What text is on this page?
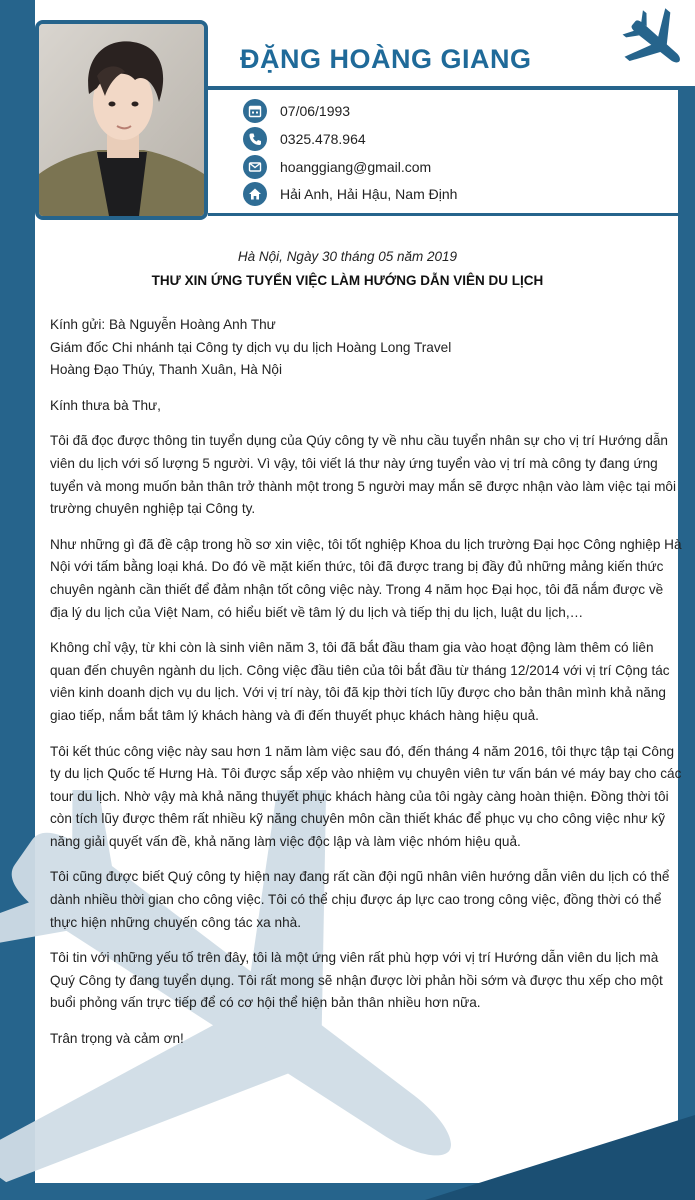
ĐẶNG HOÀNG GIANG
07/06/1993
0325.478.964
hoanggiang@gmail.com
Hải Anh, Hải Hậu, Nam Định
Hà Nội, Ngày 30 tháng 05 năm 2019
THƯ XIN ỨNG TUYỂN VIỆC LÀM HƯỚNG DẪN VIÊN DU LỊCH

Kính gửi: Bà Nguyễn Hoàng Anh Thư
Giám đốc Chi nhánh tại Công ty dịch vụ du lịch Hoàng Long Travel
Hoàng Đạo Thúy, Thanh Xuân, Hà Nội

Kính thưa bà Thư,

Tôi đã đọc được thông tin tuyển dụng của Qúy công ty về nhu cầu tuyển nhân sự cho vị trí Hướng dẫn viên du lịch với số lượng 5 người. Vì vậy, tôi viết lá thư này ứng tuyển vào vị trí mà công ty đang ứng tuyển và mong muốn bản thân trở thành một trong 5 người may mắn sẽ được nhận vào làm việc tại môi trường chuyên nghiệp tại Công ty.

Như những gì đã đề cập trong hồ sơ xin việc, tôi tốt nghiệp Khoa du lịch trường Đại học Công nghiệp Hà Nội với tấm bằng loại khá. Do đó về mặt kiến thức, tôi đã được trang bị đầy đủ những mảng kiến thức chuyên ngành cần thiết để đảm nhận tốt công việc này. Trong 4 năm học Đại học, tôi đã nắm được về địa lý du lịch của Việt Nam, có hiểu biết về tâm lý du lịch và tiếp thị du lịch, luật du lịch,…

Không chỉ vậy, từ khi còn là sinh viên năm 3, tôi đã bắt đầu tham gia vào hoạt động làm thêm có liên quan đến chuyên ngành du lịch. Công việc đầu tiên của tôi bắt đầu từ tháng 12/2014 với vị trí Cộng tác viên kinh doanh dịch vụ du lịch. Với vị trí này, tôi đã kịp thời tích lũy được cho bản thân mình khả năng giao tiếp, nắm bắt tâm lý khách hàng và đi đến thuyết phục khách hàng hiệu quả.

Tôi kết thúc công việc này sau hơn 1 năm làm việc sau đó, đến tháng 4 năm 2016, tôi thực tập tại Công ty du lịch Quốc tế Hưng Hà. Tôi được sắp xếp vào nhiệm vụ chuyên viên tư vấn bán vé máy bay cho các tour du lịch. Nhờ vậy mà khả năng thuyết phục khách hàng của tôi ngày càng hoàn thiện. Đồng thời tôi còn tích lũy được thêm rất nhiều kỹ năng chuyên môn cần thiết khác để phục vụ cho công việc như kỹ năng giải quyết vấn đề, khả năng làm việc độc lập và làm việc nhóm hiệu quả.

Tôi cũng được biết Quý công ty hiện nay đang rất cần đội ngũ nhân viên hướng dẫn viên du lịch có thể dành nhiều thời gian cho công việc. Tôi có thể chịu được áp lực cao trong công việc, đồng thời có thể thực hiện những chuyến công tác xa nhà.

Tôi tin với những yếu tố trên đây, tôi là một ứng viên rất phù hợp với vị trí Hướng dẫn viên du lịch mà Quý Công ty đang tuyển dụng. Tôi rất mong sẽ nhận được lời phản hồi sớm và được thu xếp cho một buổi phỏng vấn trực tiếp để có cơ hội thể hiện bản thân nhiều hơn nữa.

Trân trọng và cảm ơn!
